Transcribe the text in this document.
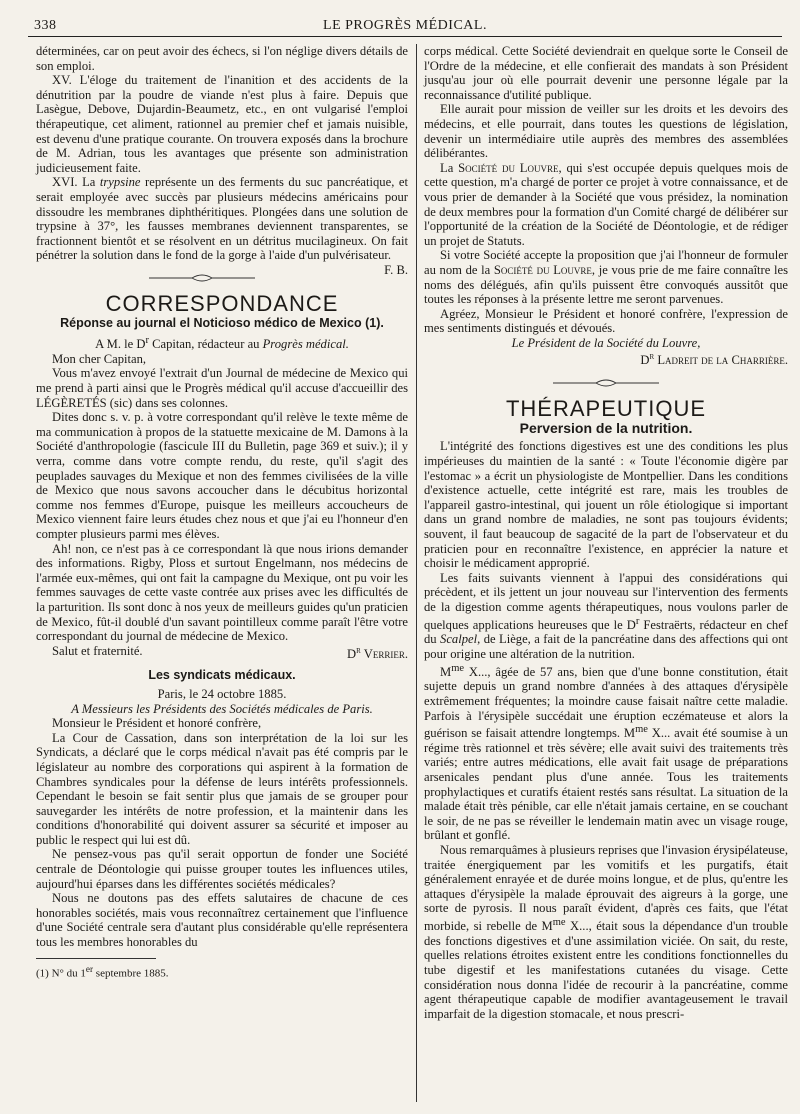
338	LE PROGRÈS MÉDICAL.

déterminées, car on peut avoir des échecs, si l'on néglige divers détails de son emploi.

XV. L'éloge du traitement de l'inanition et des accidents de la dénutrition par la poudre de viande n'est plus à faire. Depuis que Lasègue, Debove, Dujardin-Beaumetz, etc., en ont vulgarisé l'emploi thérapeutique, cet aliment, rationnel au premier chef et jamais nuisible, est devenu d'une pratique courante. On trouvera exposés dans la brochure de M. Adrian, tous les avantages que présente son administration judicieusement faite.

XVI. La trypsine représente un des ferments du suc pancréatique, et serait employée avec succès par plusieurs médecins américains pour dissoudre les membranes diphthéritiques. Plongées dans une solution de trypsine à 37°, les fausses membranes deviennent transparentes, se fractionnent bientôt et se résolvent en un détritus mucilagineux. On fait pénétrer la solution dans le fond de la gorge à l'aide d'un pulvérisateur.
F. B.

CORRESPONDANCE
Réponse au journal el Noticioso médico de Mexico (1).

A M. le $D^r$ Capitan, rédacteur au Progrès médical.

Mon cher Capitan,

Vous m'avez envoyé l'extrait d'un Journal de médecine de Mexico qui me prend à parti ainsi que le Progrès médical qu'il accuse d'accueillir des LÉGÈRETÉS (sic) dans ses colonnes.

Dites donc s. v. p. à votre correspondant qu'il relève le texte même de ma communication à propos de la statuette mexicaine de M. Damons à la Société d'anthropologie (fascicule III du Bulletin, page 369 et suiv.); il y verra, comme dans votre compte rendu, du reste, qu'il s'agit des peuplades sauvages du Mexique et non des femmes civilisées de la ville de Mexico que nous savons accoucher dans le décubitus horizontal comme nos femmes d'Europe, puisque les meilleurs accoucheurs de Mexico viennent faire leurs études chez nous et que j'ai eu l'honneur d'en compter plusieurs parmi mes élèves.

Ah! non, ce n'est pas à ce correspondant là que nous irions demander des informations. Rigby, Ploss et surtout Engelmann, nos médecins de l'armée eux-mêmes, qui ont fait la campagne du Mexique, ont pu voir les femmes sauvages de cette vaste contrée aux prises avec les difficultés de la parturition. Ils sont donc à nos yeux de meilleurs guides qu'un praticien de Mexico, fût-il doublé d'un savant pointilleux comme paraît l'être votre correspondant du journal de médecine de Mexico.

Salut et fraternité.	$D^r$ Verrier.

Les syndicats médicaux.

Paris, le 24 octobre 1885.

A Messieurs les Présidents des Sociétés médicales de Paris.

Monsieur le Président et honoré confrère,

La Cour de Cassation, dans son interprétation de la loi sur les Syndicats, a déclaré que le corps médical n'avait pas été compris par le législateur au nombre des corporations qui aspirent à la formation de Chambres syndicales pour la défense de leurs intérêts professionnels. Cependant le besoin se fait sentir plus que jamais de se grouper pour sauvegarder les intérêts de notre profession, et la maintenir dans les conditions d'honorabilité qui doivent assurer sa sécurité et imposer au public le respect qui lui est dû.

Ne pensez-vous pas qu'il serait opportun de fonder une Société centrale de Déontologie qui puisse grouper toutes les influences utiles, aujourd'hui éparses dans les différentes sociétés médicales?

Nous ne doutons pas des effets salutaires de chacune de ces honorables sociétés, mais vous reconnaîtrez certainement que l'influence d'une Société centrale sera d'autant plus considérable qu'elle représentera tous les membres honorables du

(1) N° du 1er septembre 1885.

corps médical. Cette Société deviendrait en quelque sorte le Conseil de l'Ordre de la médecine, et elle confierait des mandats à son Président jusqu'au jour où elle pourrait devenir une personne légale par la reconnaissance d'utilité publique.

Elle aurait pour mission de veiller sur les droits et les devoirs des médecins, et elle pourrait, dans toutes les questions de législation, devenir un intermédiaire utile auprès des membres des assemblées délibérantes.

La Société du Louvre, qui s'est occupée depuis quelques mois de cette question, m'a chargé de porter ce projet à votre connaissance, et de vous prier de demander à la Société que vous présidez, la nomination de deux membres pour la formation d'un Comité chargé de délibérer sur l'opportunité de la création de la Société de Déontologie, et de rédiger un projet de Statuts.

Si votre Société accepte la proposition que j'ai l'honneur de formuler au nom de la Société du Louvre, je vous prie de me faire connaître les noms des délégués, afin qu'ils puissent être convoqués aussitôt que toutes les réponses à la présente lettre me seront parvenues.

Agréez, Monsieur le Président et honoré confrère, l'expression de mes sentiments distingués et dévoués.

Le Président de la Société du Louvre,

$D^r$ Ladreit de la Charrière.

THÉRAPEUTIQUE
Perversion de la nutrition.

L'intégrité des fonctions digestives est une des conditions les plus impérieuses du maintien de la santé : « Toute l'économie digère par l'estomac » a écrit un physiologiste de Montpellier. Dans les conditions d'existence actuelle, cette intégrité est rare, mais les troubles de l'appareil gastro-intestinal, qui jouent un rôle étiologique si important dans un grand nombre de maladies, ne sont pas toujours évidents; souvent, il faut beaucoup de sagacité de la part de l'observateur et du praticien pour en reconnaître l'existence, en apprécier la nature et choisir le médicament approprié.

Les faits suivants viennent à l'appui des considérations qui précèdent, et ils jettent un jour nouveau sur l'intervention des ferments de la digestion comme agents thérapeutiques, nous voulons parler de quelques applications heureuses que le $D^r$ Festraërts, rédacteur en chef du Scalpel, de Liège, a fait de la pancréatine dans des affections qui ont pour origine une altération de la nutrition.

$M^{me}$ X..., âgée de 57 ans, bien que d'une bonne constitution, était sujette depuis un grand nombre d'années à des attaques d'érysipèle extrêmement fréquentes; la moindre cause faisait naître cette maladie. Parfois à l'érysipèle succédait une éruption eczémateuse et alors la guérison se faisait attendre longtemps. $M^{me}$ X... avait été soumise à un régime très rationnel et très sévère; elle avait suivi des traitements très variés; entre autres médications, elle avait fait usage de préparations arsenicales pendant plus d'une année. Tous les traitements prophylactiques et curatifs étaient restés sans résultat. La situation de la malade était très pénible, car elle n'était jamais certaine, en se couchant le soir, de ne pas se réveiller le lendemain matin avec un visage rouge, brûlant et gonflé.

Nous remarquâmes à plusieurs reprises que l'invasion érysipélateuse, traitée énergiquement par les vomitifs et les purgatifs, était généralement enrayée et de durée moins longue, et de plus, qu'entre les attaques d'érysipèle la malade éprouvait des aigreurs à la gorge, une sorte de pyrosis. Il nous paraît évident, d'après ces faits, que l'état morbide, si rebelle de $M^{me}$ X..., était sous la dépendance d'un trouble des fonctions digestives et d'une assimilation viciée. On sait, du reste, quelles relations étroites existent entre les conditions fonctionnelles du tube digestif et les manifestations cutanées du visage. Cette considération nous donna l'idée de recourir à la pancréatine, comme agent thérapeutique capable de modifier avantageusement le travail imparfait de la digestion stomacale, et nous prescri-
